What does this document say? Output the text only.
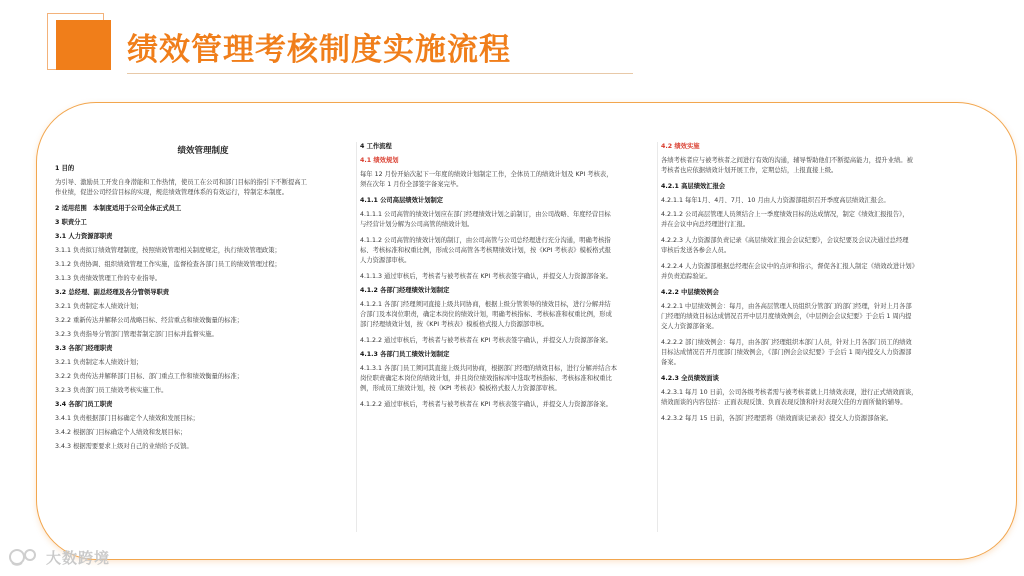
绩效管理考核制度实施流程
绩效管理制度
1 目的
为引导、激励员工开发自身潜能和工作热情，使员工在公司和部门目标的指引下不断提高工
作业绩，促进公司经营目标的实现，规范绩效管理体系的有效运行，特制定本制度。
2 适用范围　本制度适用于公司全体正式员工
3 职责分工
3.1 人力资源部职责
3.1.1 负责拟订绩效管理制度，按照绩效管理相关制度规定，执行绩效管理政策；
3.1.2 负责协调、组织绩效管理工作实施，监督检查各部门员工的绩效管理过程；
3.1.3 负责绩效管理工作的专业指导。
3.2 总经理、副总经理及各分管领导职责
3.2.1 负责制定本人绩效计划；
3.2.2 重新传达并解释公司战略目标、经营重点和绩效衡量的标准；
3.2.3 负责指导分管部门管理者制定部门目标并监督实施。
3.3 各部门经理职责
3.2.1 负责制定本人绩效计划；
3.2.2 负责传达并解释部门目标、部门重点工作和绩效衡量的标准；
3.2.3 负责部门员工绩效考核实施工作。
3.4 各部门员工职责
3.4.1 负责根据部门目标确定个人绩效和发展目标；
3.4.2 根据部门目标确定个人绩效和发展目标；
3.4.3 根据需要要求上级对自己的业绩给予反馈。
4 工作流程
4.1 绩效规划
每年 12 月份开始次起下一年度的绩效计划制定工作，全体员工的绩效计划及 KPI 考核表，
须在次年 1 月份全部签字备案完毕。
4.1.1 公司高层绩效计划制定
4.1.1.1 公司高管的绩效计划应在部门经理绩效计划之前制订，由公司战略、年度经营目标
与经营计划分解为公司高管的绩效计划。
4.1.1.2 公司高管的绩效计划的制订，由公司高管与公司总经理进行充分沟通，明确考核指
标、考核标准和权重比例，形成公司高管各考核期绩效计划，按《KPI 考核表》模板格式报
人力资源部审核。
4.1.1.3 通过审核后，考核者与被考核者在 KPI 考核表签字确认，并提交人力资源部备案。
4.1.2 各部门经理绩效计划制定
4.1.2.1 各部门经理须同直接上级共同协商，根据上级分管领导的绩效目标，进行分解并结
合部门及本岗位职责，确定本岗位的绩效计划，明确考核指标、考核标准和权重比例，形成
部门经理绩效计划，按《KPI 考核表》模板格式报人力资源部审核。
4.1.2.2 通过审核后，考核者与被考核者在 KPI 考核表签字确认，并提交人力资源部备案。
4.1.3 各部门员工绩效计划制定
4.1.3.1 各部门员工须同其直接上级共同协商，根据部门经理的绩效目标，进行分解并结合本
岗位职责确定本岗位的绩效计划，并且岗位绩效指标库中选取考核指标、考核标准和权重比
例，形成员工绩效计划，按《KPI 考核表》模板格式报人力资源部审核。
4.1.2.2 通过审核后，考核者与被考核者在 KPI 考核表签字确认，并提交人力资源部备案。
4.2 绩效实施
各绩考核者应与被考核者之间进行有效的沟通，辅导帮助他们不断提高能力，提升业绩。被
考核者也应依据绩效计划开展工作，定期总结，上报直接上级。
4.2.1 高层绩效汇报会
4.2.1.1 每年1月、4月、7月、10 月由人力资源部组织召开季度高层绩效汇报会。
4.2.1.2 公司高层管理人员须结合上一季度绩效目标的达成情况，制定《绩效汇报报告》，
并在会议中向总经理进行汇报。
4.2.2.3 人力资源部负责记录《高层绩效汇报会会议纪要》，会议纪要及会议决通过总经理
审核后发送各参会人员。
4.2.2.4 人力资源部根据总经理在会议中的点评和指示，督促各汇报人制定《绩效改进计划》
并负责追踪验证。
4.2.2 中层绩效例会
4.2.2.1 中层绩效例会：每月，由各高层管理人员组织分管部门的部门经理，针对上月各部
门经理的绩效目标达成情况召开中层月度绩效例会，《中层例会会议纪要》于会后 1 周内提
交人力资源部备案。
4.2.2.2 部门绩效例会：每月，由各部门经理组织本部门人员，针对上月各部门员工的绩效
目标达成情况召开月度部门绩效例会，《部门例会会议纪要》于会后 1 周内提交人力资源部
备案。
4.2.3 全员绩效面谈
4.2.3.1 每月 10 日前，公司各级考核者需与被考核者就上月绩效表现，进行正式绩效面谈，
绩效面谈的内容包括：正面表现反馈、负面表现反馈和针对表现欠佳的方面所做的辅导。
4.2.3.2 每月 15 日前，各部门经理需将《绩效面谈记录表》提交人力资源部备案。
大数跨境
